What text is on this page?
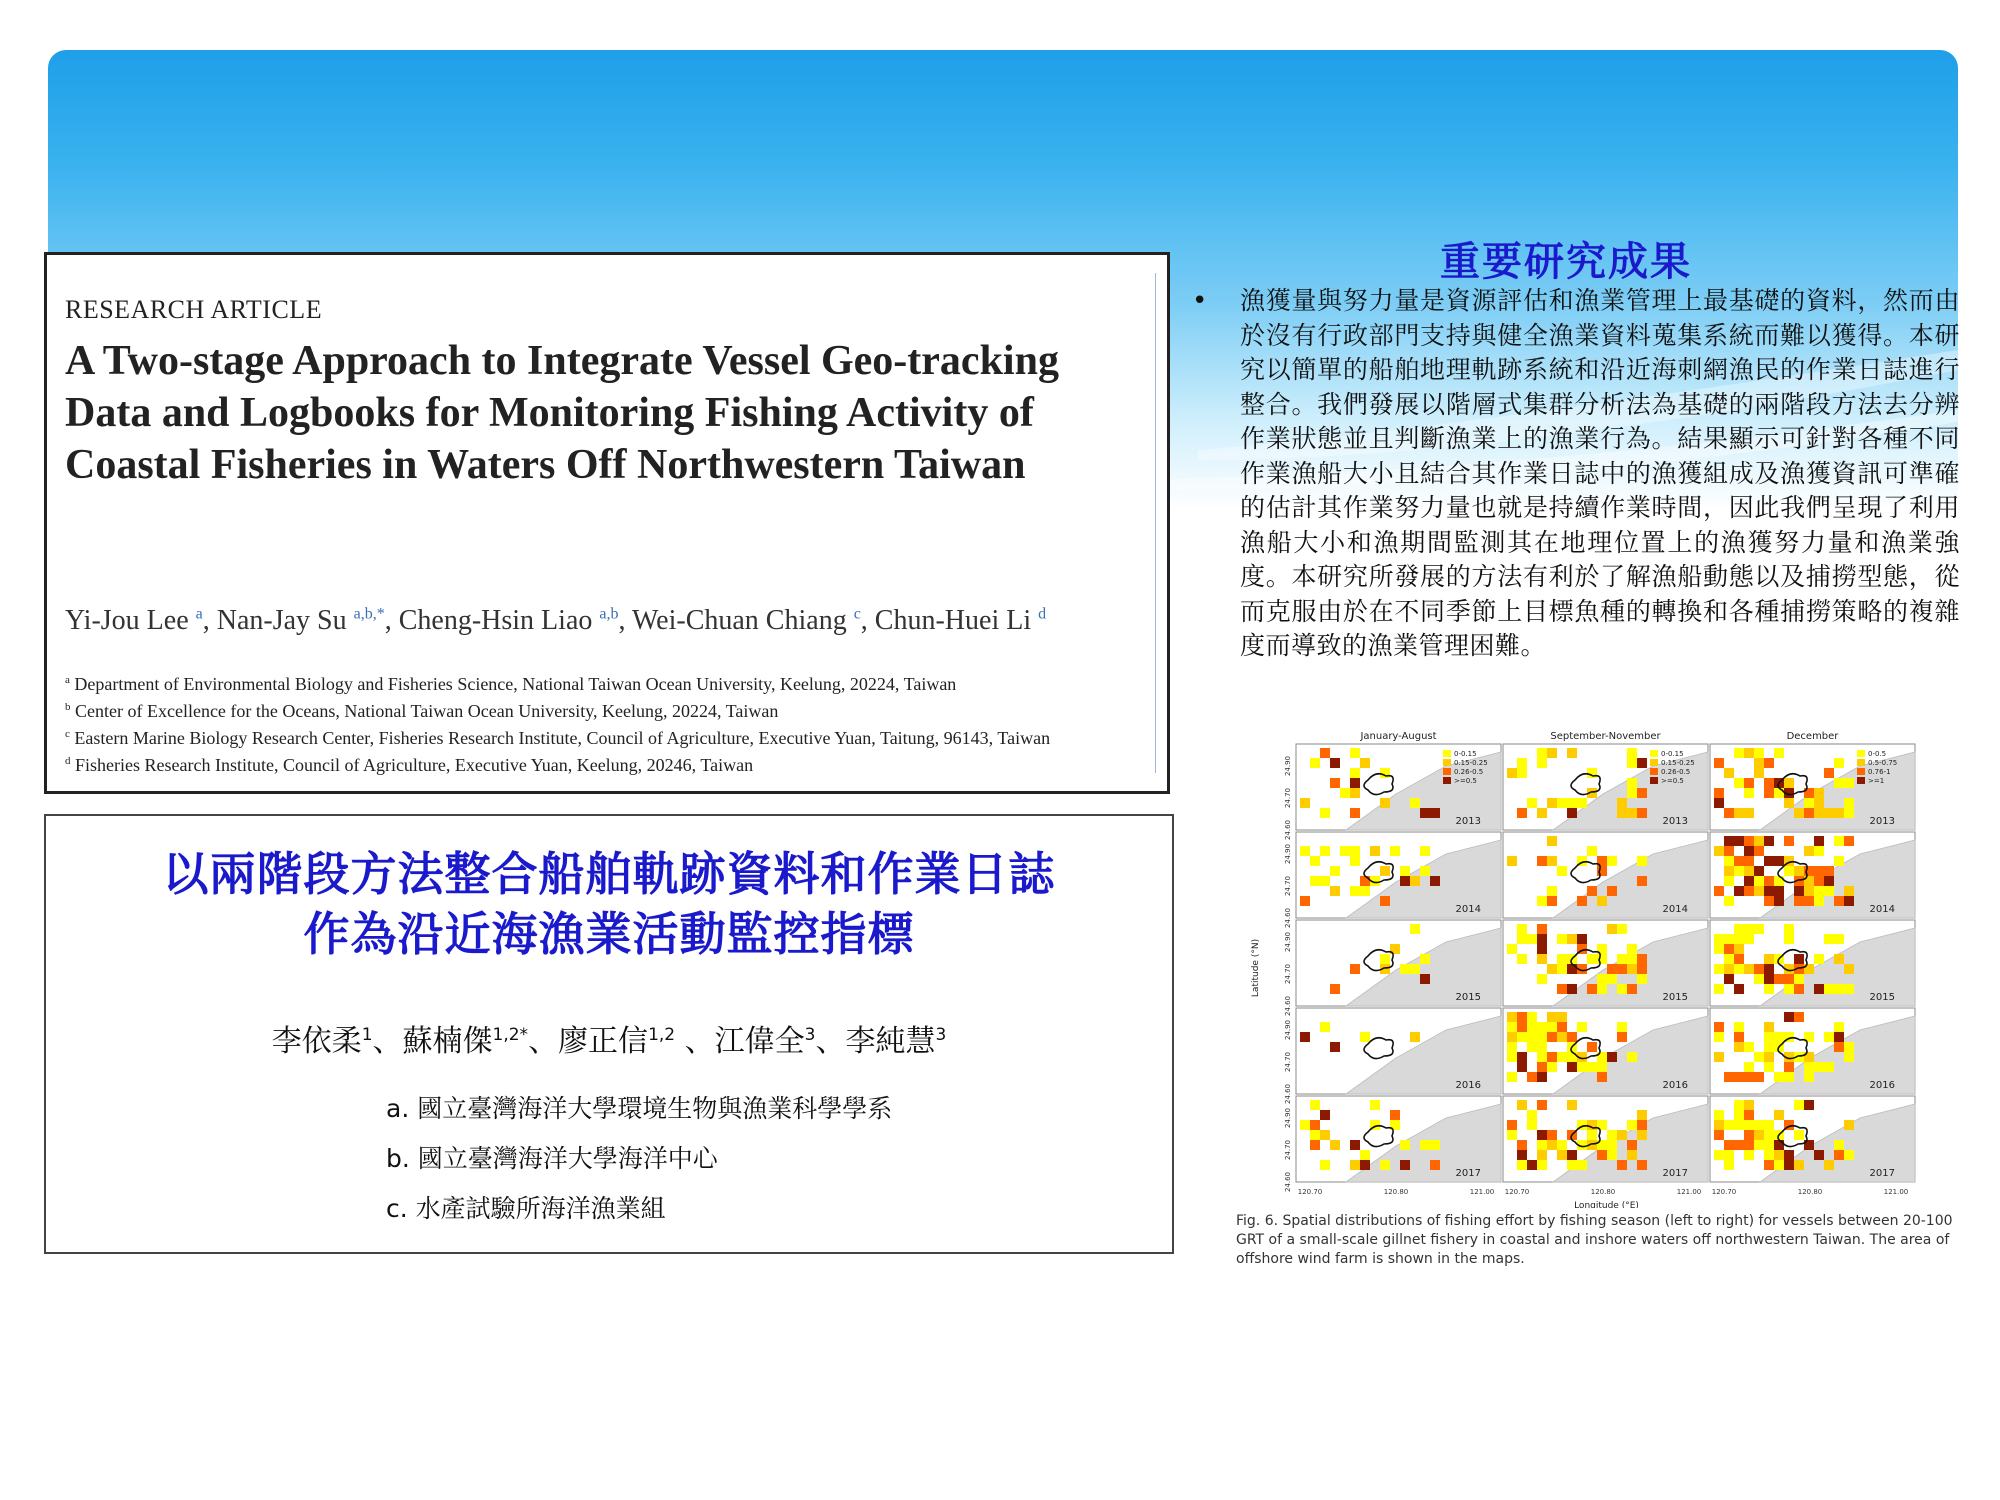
RESEARCH ARTICLE
A Two-stage Approach to Integrate Vessel Geo-tracking Data and Logbooks for Monitoring Fishing Activity of Coastal Fisheries in Waters Off Northwestern Taiwan
Yi-Jou Lee $^a$, Nan-Jay Su $^{a,b,*}$, Cheng-Hsin Liao $^{a,b}$, Wei-Chuan Chiang $^c$, Chun-Huei Li $^d$
$^a$ Department of Environmental Biology and Fisheries Science, National Taiwan Ocean University, Keelung, 20224, Taiwan
$^b$ Center of Excellence for the Oceans, National Taiwan Ocean University, Keelung, 20224, Taiwan
$^c$ Eastern Marine Biology Research Center, Fisheries Research Institute, Council of Agriculture, Executive Yuan, Taitung, 96143, Taiwan
$^d$ Fisheries Research Institute, Council of Agriculture, Executive Yuan, Keelung, 20246, Taiwan
以兩階段方法整合船舶軌跡資料和作業日誌
作為沿近海漁業活動監控指標
李依柔$^1$、蘇楠傑$^{1,2*}$、廖正信$^{1,2}$ 、江偉全$^3$、李純慧$^3$
a. 國立臺灣海洋大學環境生物與漁業科學學系
b. 國立臺灣海洋大學海洋中心
c. 水產試驗所海洋漁業組
重要研究成果
• 漁獲量與努力量是資源評估和漁業管理上最基礎的資料，然而由於沒有行政部門支持與健全漁業資料蒐集系統而難以獲得。本研究以簡單的船舶地理軌跡系統和沿近海刺網漁民的作業日誌進行整合。我們發展以階層式集群分析法為基礎的兩階段方法去分辨作業狀態並且判斷漁業上的漁業行為。結果顯示可針對各種不同作業漁船大小且結合其作業日誌中的漁獲組成及漁獲資訊可準確的估計其作業努力量也就是持續作業時間，因此我們呈現了利用漁船大小和漁期間監測其在地理位置上的漁獲努力量和漁業強度。本研究所發展的方法有利於了解漁船動態以及捕撈型態，從而克服由於在不同季節上目標魚種的轉換和各種捕撈策略的複雜度而導致的漁業管理困難。
January-August	September-November	December
2013
0-0.15
0.15-0.25
0.26-0.5
>=0.5
2013
0-0.15
0.15-0.25
0.26-0.5
>=0.5
2013
0-0.5
0.5-0.75
0.76-1
>=1
24.90
24.70
24.60
2014	2014	2014
24.90
24.70
24.60
2015	2015	2015
24.90
24.70
24.60
2016	2016	2016
24.90
24.70
24.60
2017	2017	2017
24.90
24.70
24.60
Latitude (°N)
120.70	120.80	121.00 120.70	120.80	121.00 120.70	120.80	121.00
Longitude (°E)
Fig. 6. Spatial distributions of fishing effort by fishing season (left to right) for vessels between 20-100 GRT of a small-scale gillnet fishery in coastal and inshore waters off northwestern Taiwan. The area of offshore wind farm is shown in the maps.
